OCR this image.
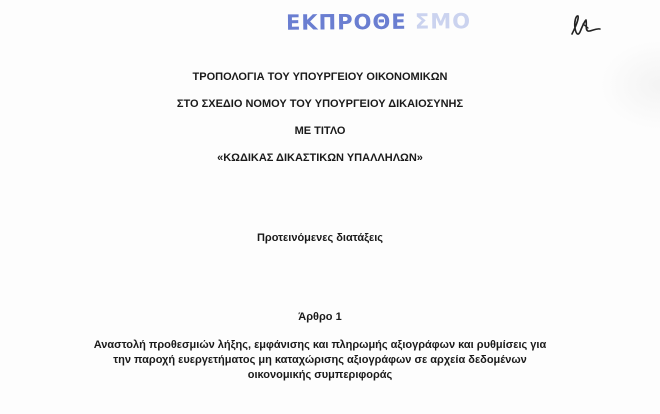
ΕΚΠΡΟΘΕ ΣΜΟ
ΤΡΟΠΟΛΟΓΙΑ ΤΟΥ ΥΠΟΥΡΓΕΙΟΥ ΟΙΚΟΝΟΜΙΚΩΝ
ΣΤΟ ΣΧΕΔΙΟ ΝΟΜΟΥ ΤΟΥ ΥΠΟΥΡΓΕΙΟΥ ΔΙΚΑΙΟΣΥΝΗΣ
ΜΕ ΤΙΤΛΟ
«ΚΩΔΙΚΑΣ ΔΙΚΑΣΤΙΚΩΝ ΥΠΑΛΛΗΛΩΝ»
Προτεινόμενες διατάξεις
Άρθρο 1
Αναστολή προθεσμιών λήξης, εμφάνισης και πληρωμής αξιογράφων και ρυθμίσεις για
την παροχή ευεργετήματος μη καταχώρισης αξιογράφων σε αρχεία δεδομένων
οικονομικής συμπεριφοράς
